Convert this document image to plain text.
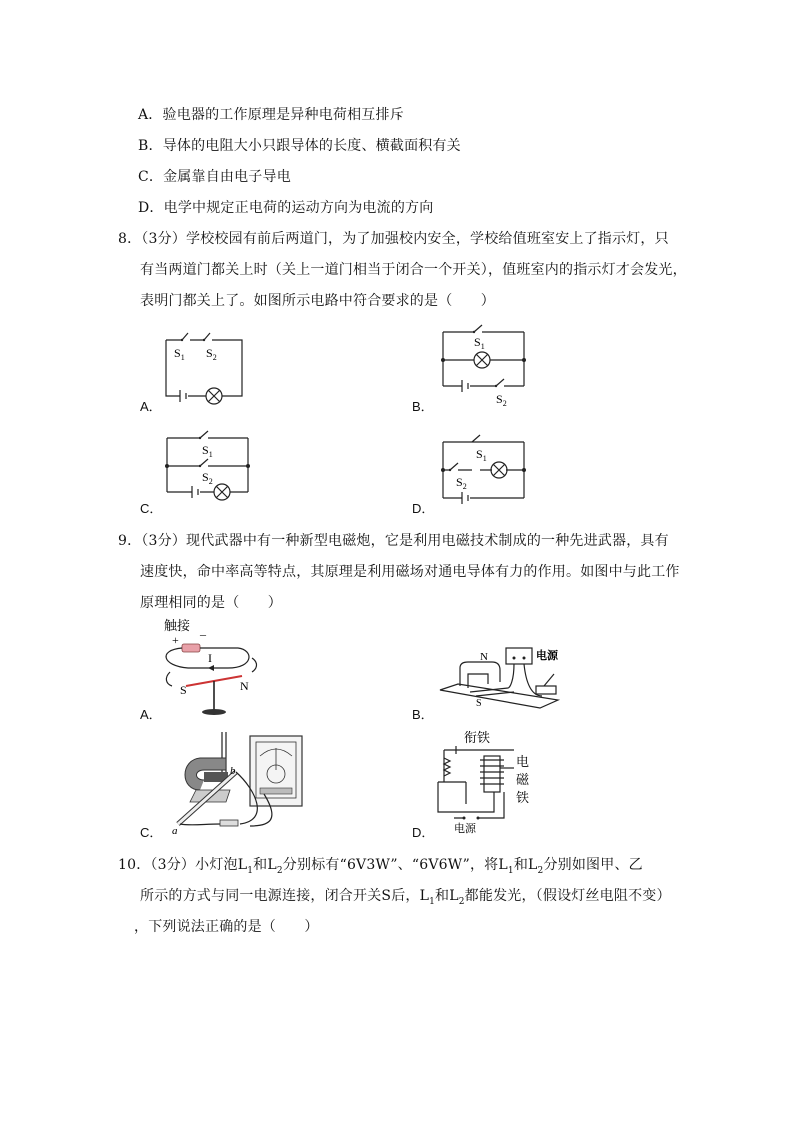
A．验电器的工作原理是异种电荷相互排斥
B．导体的电阻大小只跟导体的长度、横截面积有关
C．金属靠自由电子导电
D．电学中规定正电荷的运动方向为电流的方向
8．（3分）学校校园有前后两道门，为了加强校内安全，学校给值班室安上了指示灯，只
有当两道门都关上时（关上一道门相当于闭合一个开关），值班室内的指示灯才会发光，
表明门都关上了。如图所示电路中符合要求的是（　　）
A．	B．
C．	D．
$S_1$ $S_2$
$S_1$
$S_2$
$S_1$
$S_2$
$S_1$
$S_2$
9．（3分）现代武器中有一种新型电磁炮，它是利用电磁技术制成的一种先进武器，具有
速度快，命中率高等特点，其原理是利用磁场对通电导体有力的作用。如图中与此工作
原理相同的是（　　）
A．	B．
C．	D．
触接
+
_
I
S	N
N
S
电源
a
b
衔铁
电
磁
铁
电源
10．（3分）小灯泡$L_1$和$L_2$分别标有“6V3W”、“6V6W”，将$L_1$和$L_2$分别如图甲、乙
所示的方式与同一电源连接，闭合开关S后，$L_1$和$L_2$都能发光，（假设灯丝电阻不变）
，下列说法正确的是（　　）
